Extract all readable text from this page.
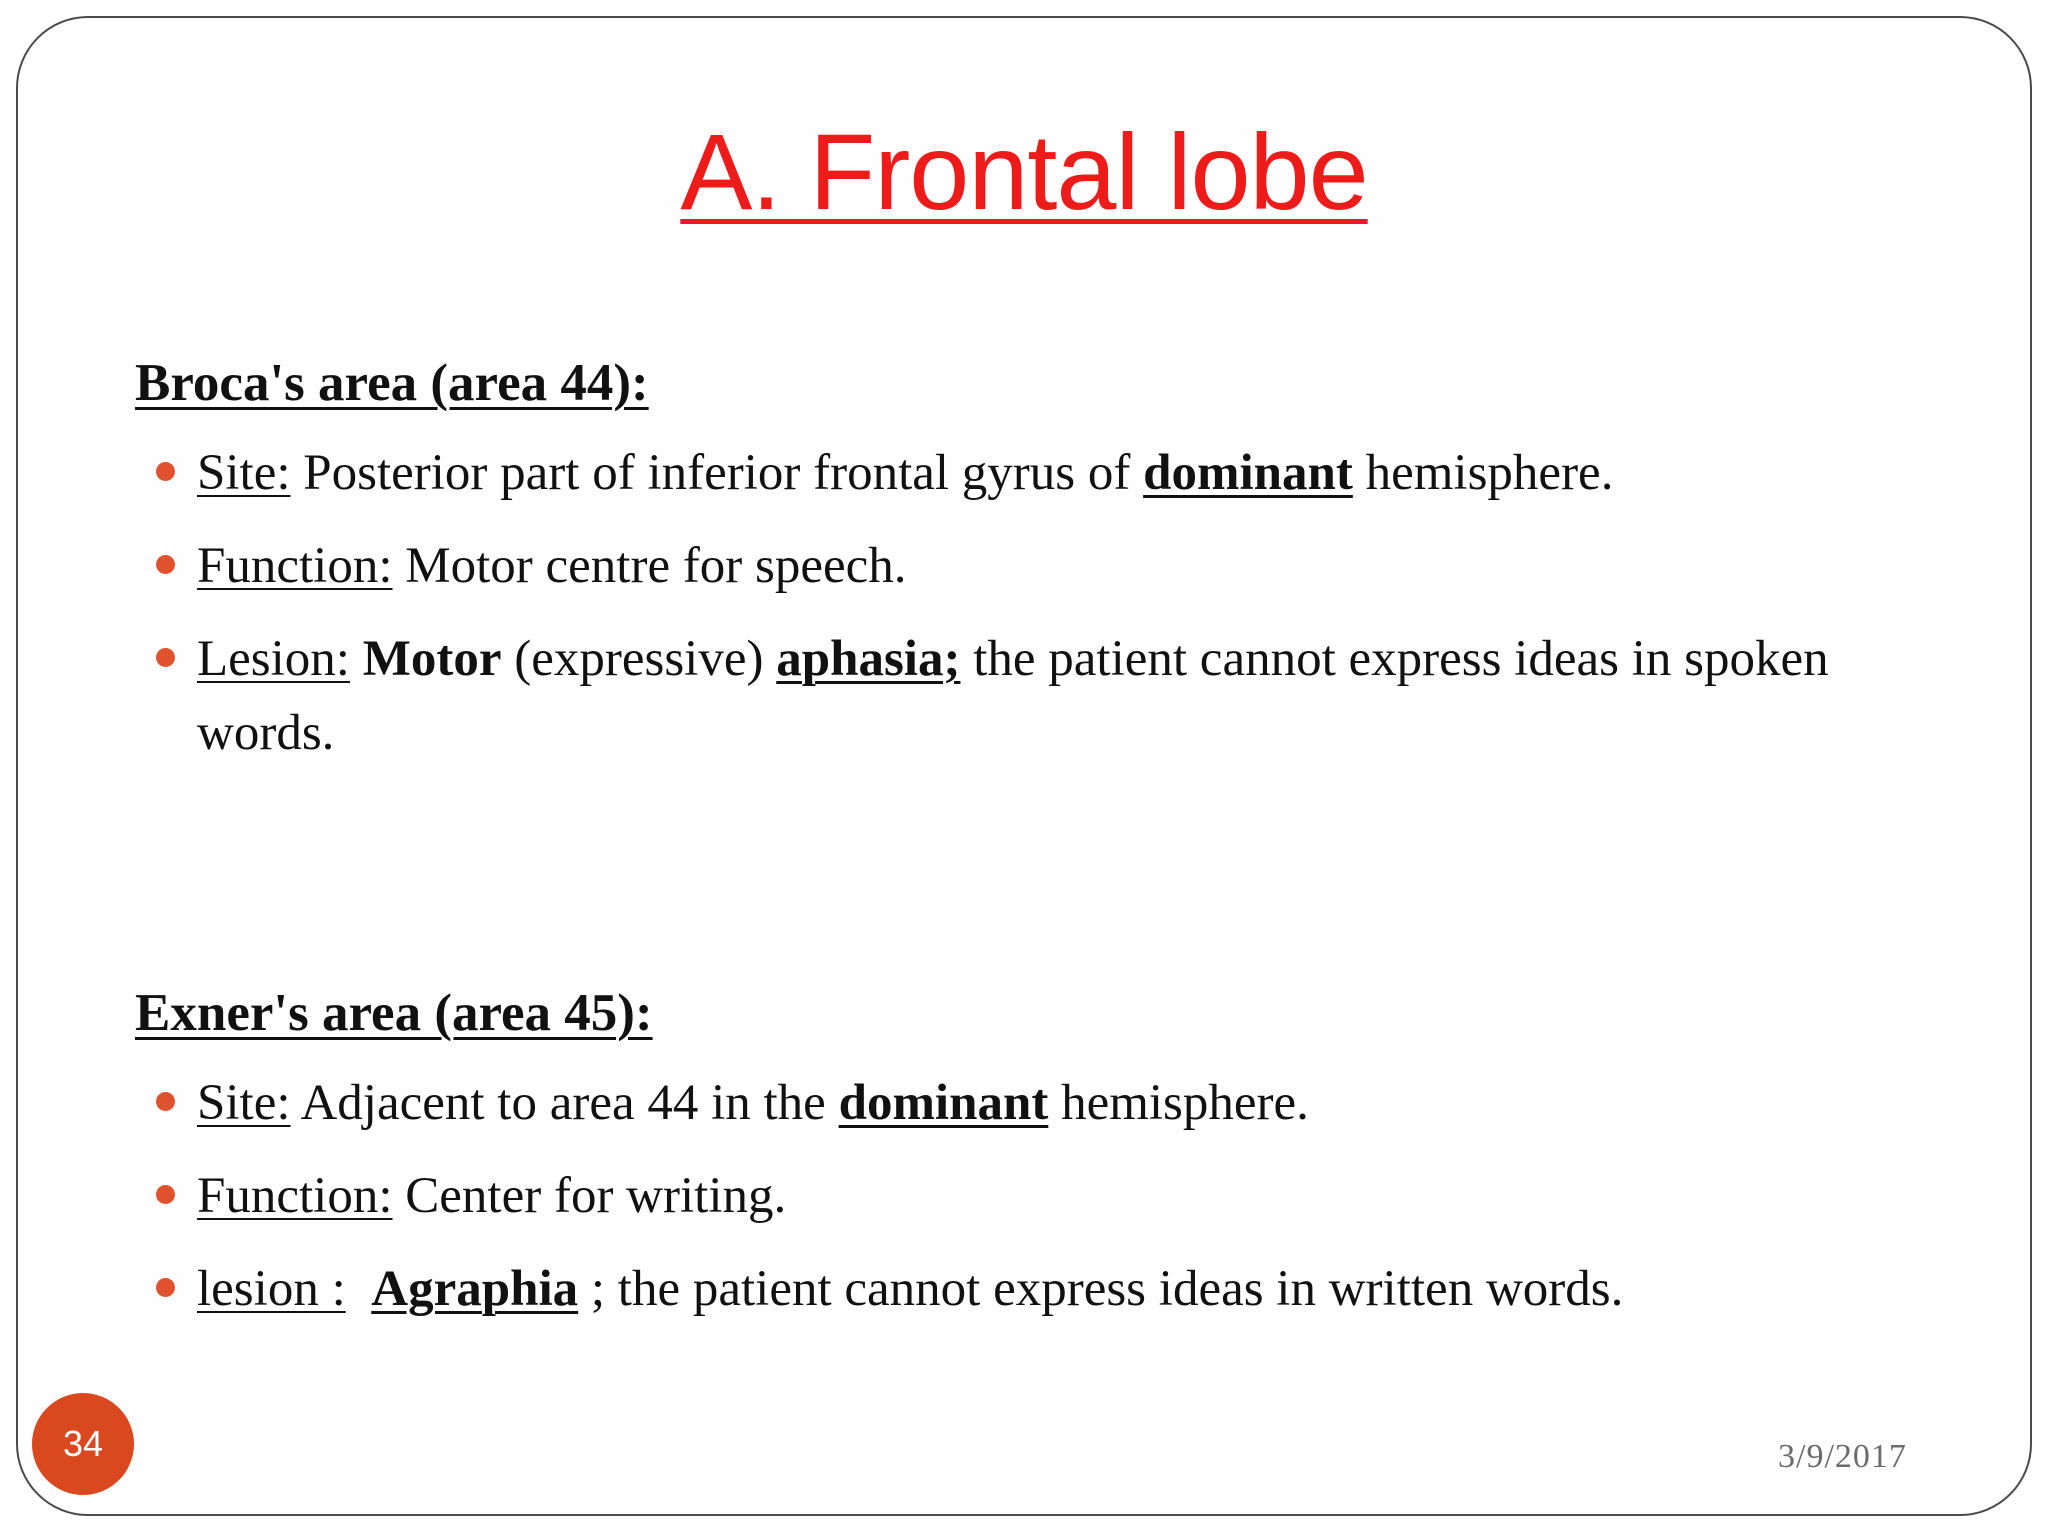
A. Frontal lobe
Broca's area (area 44):
Site: Posterior part of inferior frontal gyrus of dominant hemisphere.
Function: Motor centre for speech.
Lesion: Motor (expressive) aphasia; the patient cannot express ideas in spoken words.
Exner's area (area 45):
Site: Adjacent to area 44 in the dominant hemisphere.
Function: Center for writing.
lesion : Agraphia ; the patient cannot express ideas in written words.
3/9/2017
34
